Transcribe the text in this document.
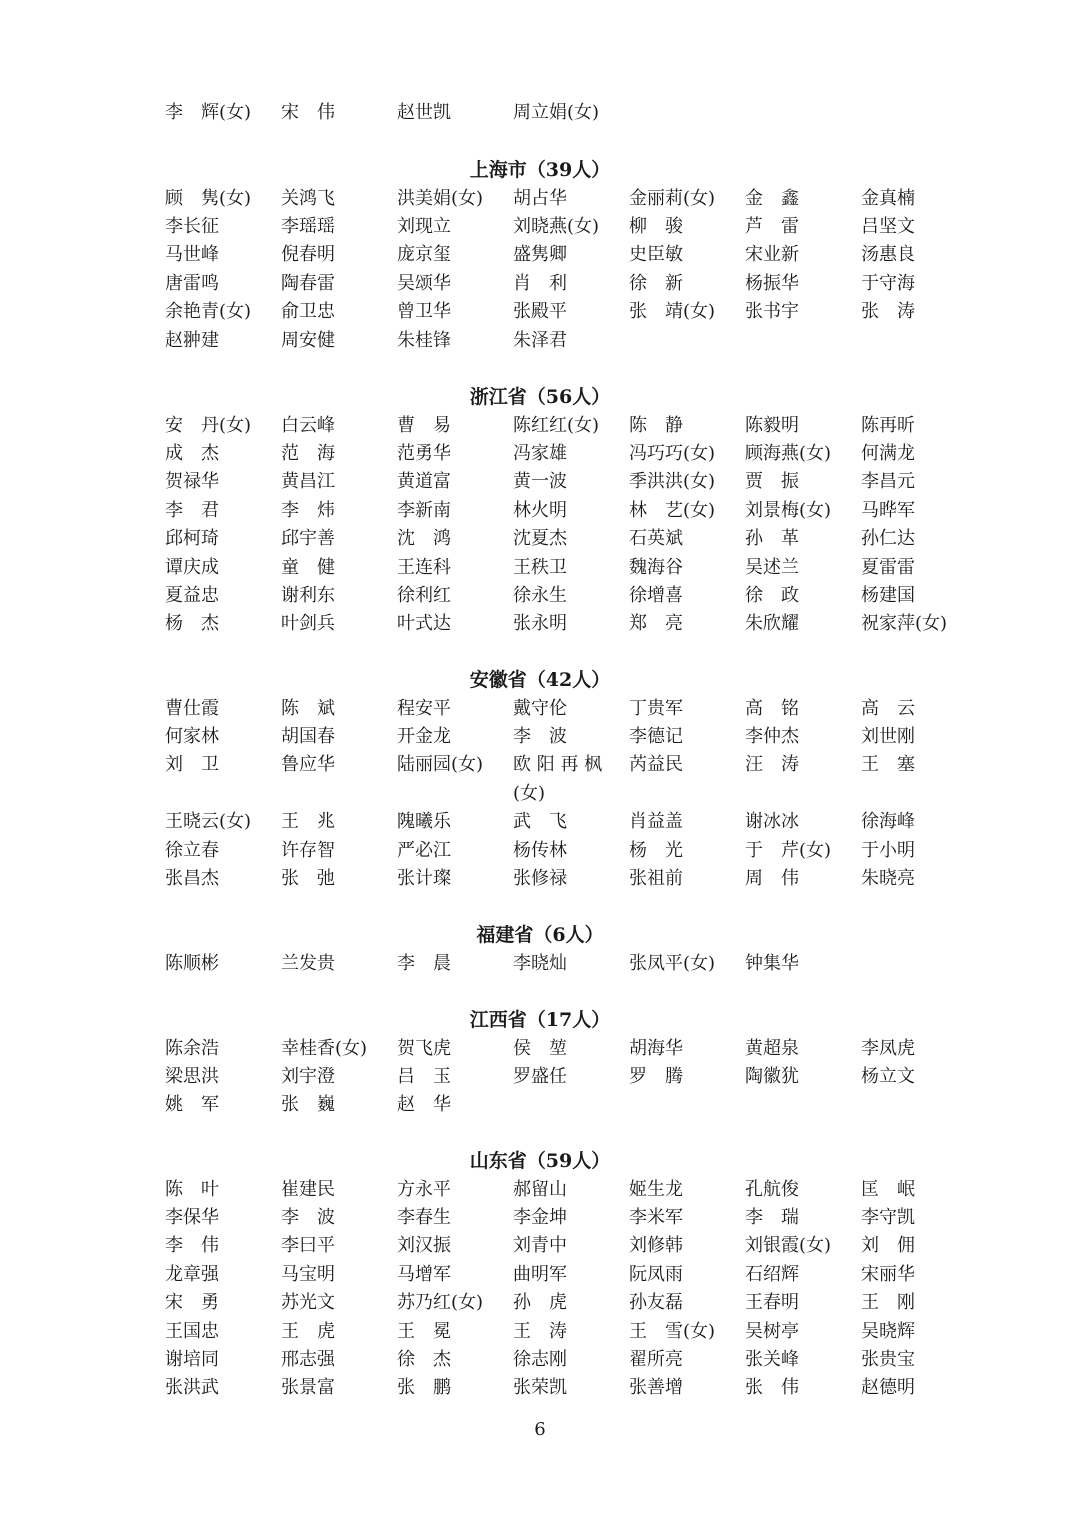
李　辉(女) 宋　伟	赵世凯	周立娟(女)
上海市（39人）
顾　隽(女) 关鸿飞	洪美娟(女) 胡占华	金丽莉(女) 金　鑫	金真楠
李长征	李瑶瑶	刘现立	刘晓燕(女) 柳　骏	芦　雷	吕坚文
马世峰	倪春明	庞京玺	盛隽卿	史臣敏	宋业新	汤惠良
唐雷鸣	陶春雷	吴颂华	肖　利	徐　新	杨振华	于守海
余艳青(女) 俞卫忠	曾卫华	张殿平	张　靖(女) 张书宇	张　涛
赵翀建	周安健	朱桂锋	朱泽君
浙江省（56人）
安　丹(女) 白云峰	曹　易	陈红红(女) 陈　静	陈毅明	陈再昕
成　杰	范　海	范勇华	冯家雄	冯巧巧(女) 顾海燕(女) 何满龙
贺禄华	黄昌江	黄道富	黄一波	季洪洪(女) 贾　振	李昌元
李　君	李　炜	李新南	林火明	林　艺(女) 刘景梅(女) 马晔军
邱柯琦	邱宇善	沈　鸿	沈夏杰	石英斌	孙　革	孙仁达
谭庆成	童　健	王连科	王秩卫	魏海谷	吴述兰	夏雷雷
夏益忠	谢利东	徐利红	徐永生	徐增喜	徐　政	杨建国
杨　杰	叶剑兵	叶式达	张永明	郑　亮	朱欣耀	祝家萍(女)
安徽省（42人）
曹仕霞	陈　斌	程安平	戴守伦	丁贵军	高　铭	高　云
何家林	胡国春	开金龙	李　波	李德记	李仲杰	刘世刚
刘　卫	鲁应华	陆丽园(女) 欧 阳 再 枫 芮益民	汪　涛	王　塞
(女)
王晓云(女) 王　兆	隗曦乐	武　飞	肖益盖	谢冰冰	徐海峰
徐立春	许存智	严必江	杨传林	杨　光	于　芹(女) 于小明
张昌杰	张　弛	张计璨	张修禄	张祖前	周　伟	朱晓亮
福建省（6人）
陈顺彬	兰发贵	李　晨	李晓灿	张凤平(女) 钟集华
江西省（17人）
陈余浩	幸桂香(女) 贺飞虎	侯　堃	胡海华	黄超泉	李凤虎
梁思洪	刘宇澄	吕　玉	罗盛任	罗　腾	陶徽犹	杨立文
姚　军	张　巍	赵　华
山东省（59人）
陈　叶	崔建民	方永平	郝留山	姬生龙	孔航俊	匡　岷
李保华	李　波	李春生	李金坤	李米军	李　瑞	李守凯
李　伟	李曰平	刘汉振	刘青中	刘修韩	刘银霞(女) 刘　佣
龙章强	马宝明	马增军	曲明军	阮凤雨	石绍辉	宋丽华
宋　勇	苏光文	苏乃红(女) 孙　虎	孙友磊	王春明	王　刚
王国忠	王　虎	王　冕	王　涛	王　雪(女) 吴树亭	吴晓辉
谢培同	邢志强	徐　杰	徐志刚	翟所亮	张关峰	张贵宝
张洪武	张景富	张　鹏	张荣凯	张善增	张　伟	赵德明
6
